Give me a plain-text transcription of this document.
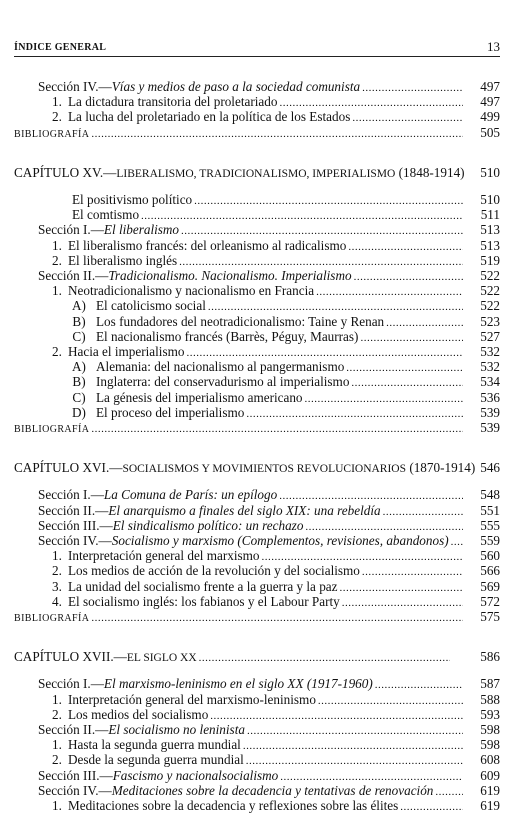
ÍNDICE GENERAL	13
Sección IV.—Vías y medios de paso a la sociedad comunista .....	497
1. La dictadura transitoria del proletariado .....	497
2. La lucha del proletariado en la política de los Estados .....	499
BIBLIOGRAFÍA .....	505
CAPÍTULO XV.—LIBERALISMO, TRADICIONALISMO, IMPERIALISMO (1848-1914)	510
El positivismo político .....	510
El comtismo .....	511
Sección I.—El liberalismo .....	513
1. El liberalismo francés: del orleanismo al radicalismo .....	513
2. El liberalismo inglés .....	519
Sección II.—Tradicionalismo. Nacionalismo. Imperialismo .....	522
1. Neotradicionalismo y nacionalismo en Francia .....	522
A) El catolicismo social .....	522
B) Los fundadores del neotradicionalismo: Taine y Renan .....	523
C) El nacionalismo francés (Barrès, Péguy, Maurras) .....	527
2. Hacia el imperialismo .....	532
A) Alemania: del nacionalismo al pangermanismo .....	532
B) Inglaterra: del conservadurismo al imperialismo .....	534
C) La génesis del imperialismo americano .....	536
D) El proceso del imperialismo .....	539
BIBLIOGRAFÍA .....	539
CAPÍTULO XVI.—SOCIALISMOS Y MOVIMIENTOS REVOLUCIONARIOS (1870-1914) 546
Sección I.—La Comuna de París: un epílogo .....	548
Sección II.—El anarquismo a finales del siglo XIX: una rebeldía .....	551
Sección III.—El sindicalismo político: un rechazo .....	555
Sección IV.—Socialismo y marxismo (Complementos, revisiones, abandonos) .....	559
1. Interpretación general del marxismo .....	560
2. Los medios de acción de la revolución y del socialismo .....	566
3. La unidad del socialismo frente a la guerra y la paz .....	569
4. El socialismo inglés: los fabianos y el Labour Party .....	572
BIBLIOGRAFÍA .....	575
CAPÍTULO XVII.—EL SIGLO XX .....	586
Sección I.—El marxismo-leninismo en el siglo XX (1917-1960) .....	587
1. Interpretación general del marxismo-leninismo .....	588
2. Los medios del socialismo .....	593
Sección II.—El socialismo no leninista .....	598
1. Hasta la segunda guerra mundial .....	598
2. Desde la segunda guerra mundial .....	608
Sección III.—Fascismo y nacionalsocialismo .....	609
Sección IV.—Meditaciones sobre la decadencia y tentativas de renovación .....	619
1. Meditaciones sobre la decadencia y reflexiones sobre las élites .....	619
